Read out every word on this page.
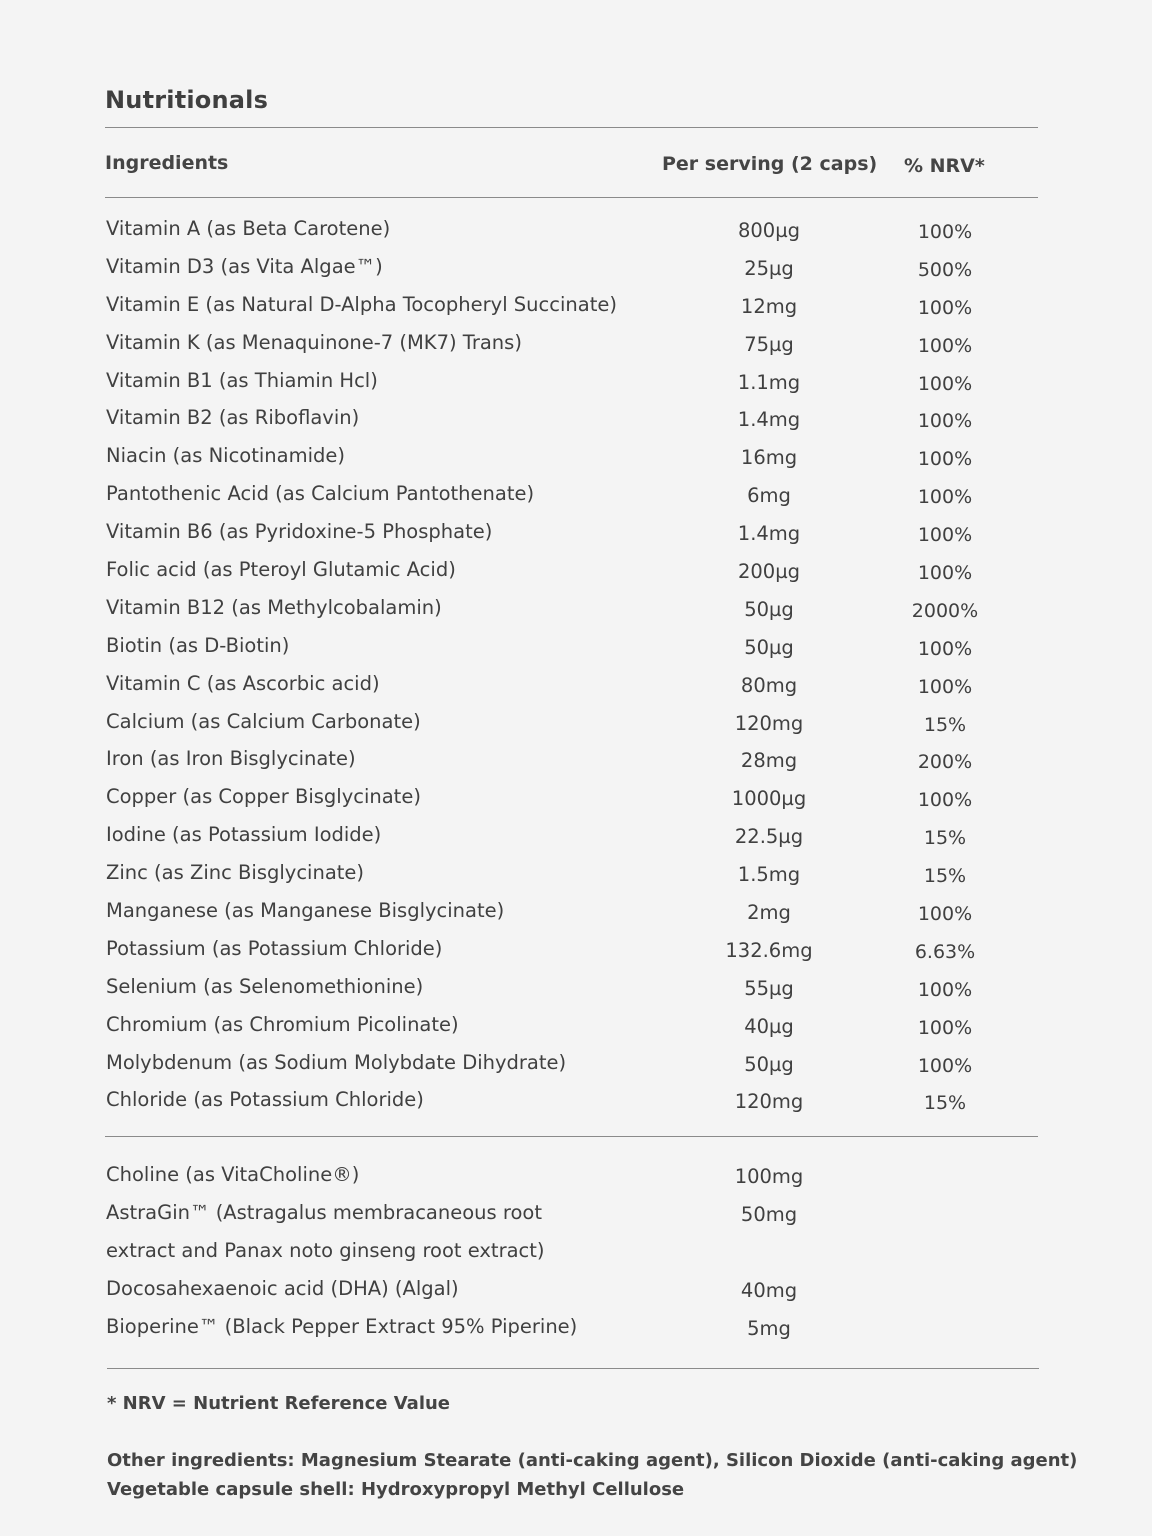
Nutritionals
Ingredients	Per serving (2 caps) % NRV*
Vitamin A (as Beta Carotene)	800µg	100%
Vitamin D3 (as Vita Algae™)	25µg	500%
Vitamin E (as Natural D-Alpha Tocopheryl Succinate)	12mg	100%
Vitamin K (as Menaquinone-7 (MK7) Trans)	75µg	100%
Vitamin B1 (as Thiamin Hcl)	1.1mg	100%
Vitamin B2 (as Riboflavin)	1.4mg	100%
Niacin (as Nicotinamide)	16mg	100%
Pantothenic Acid (as Calcium Pantothenate)	6mg	100%
Vitamin B6 (as Pyridoxine-5 Phosphate)	1.4mg	100%
Folic acid (as Pteroyl Glutamic Acid)	200µg	100%
Vitamin B12 (as Methylcobalamin)	50µg	2000%
Biotin (as D-Biotin)	50µg	100%
Vitamin C (as Ascorbic acid)	80mg	100%
Calcium (as Calcium Carbonate)	120mg	15%
Iron (as Iron Bisglycinate)	28mg	200%
Copper (as Copper Bisglycinate)	1000µg	100%
Iodine (as Potassium Iodide)	22.5µg	15%
Zinc (as Zinc Bisglycinate)	1.5mg	15%
Manganese (as Manganese Bisglycinate)	2mg	100%
Potassium (as Potassium Chloride)	132.6mg	6.63%
Selenium (as Selenomethionine)	55µg	100%
Chromium (as Chromium Picolinate)	40µg	100%
Molybdenum (as Sodium Molybdate Dihydrate)	50µg	100%
Chloride (as Potassium Chloride)	120mg	15%
Choline (as VitaCholine®)	100mg
AstraGin™ (Astragalus membracaneous root	50mg
extract and Panax noto ginseng root extract)
Docosahexaenoic acid (DHA) (Algal)	40mg
Bioperine™ (Black Pepper Extract 95% Piperine)	5mg
* NRV = Nutrient Reference Value
Other ingredients: Magnesium Stearate (anti-caking agent), Silicon Dioxide (anti-caking agent)
Vegetable capsule shell: Hydroxypropyl Methyl Cellulose
